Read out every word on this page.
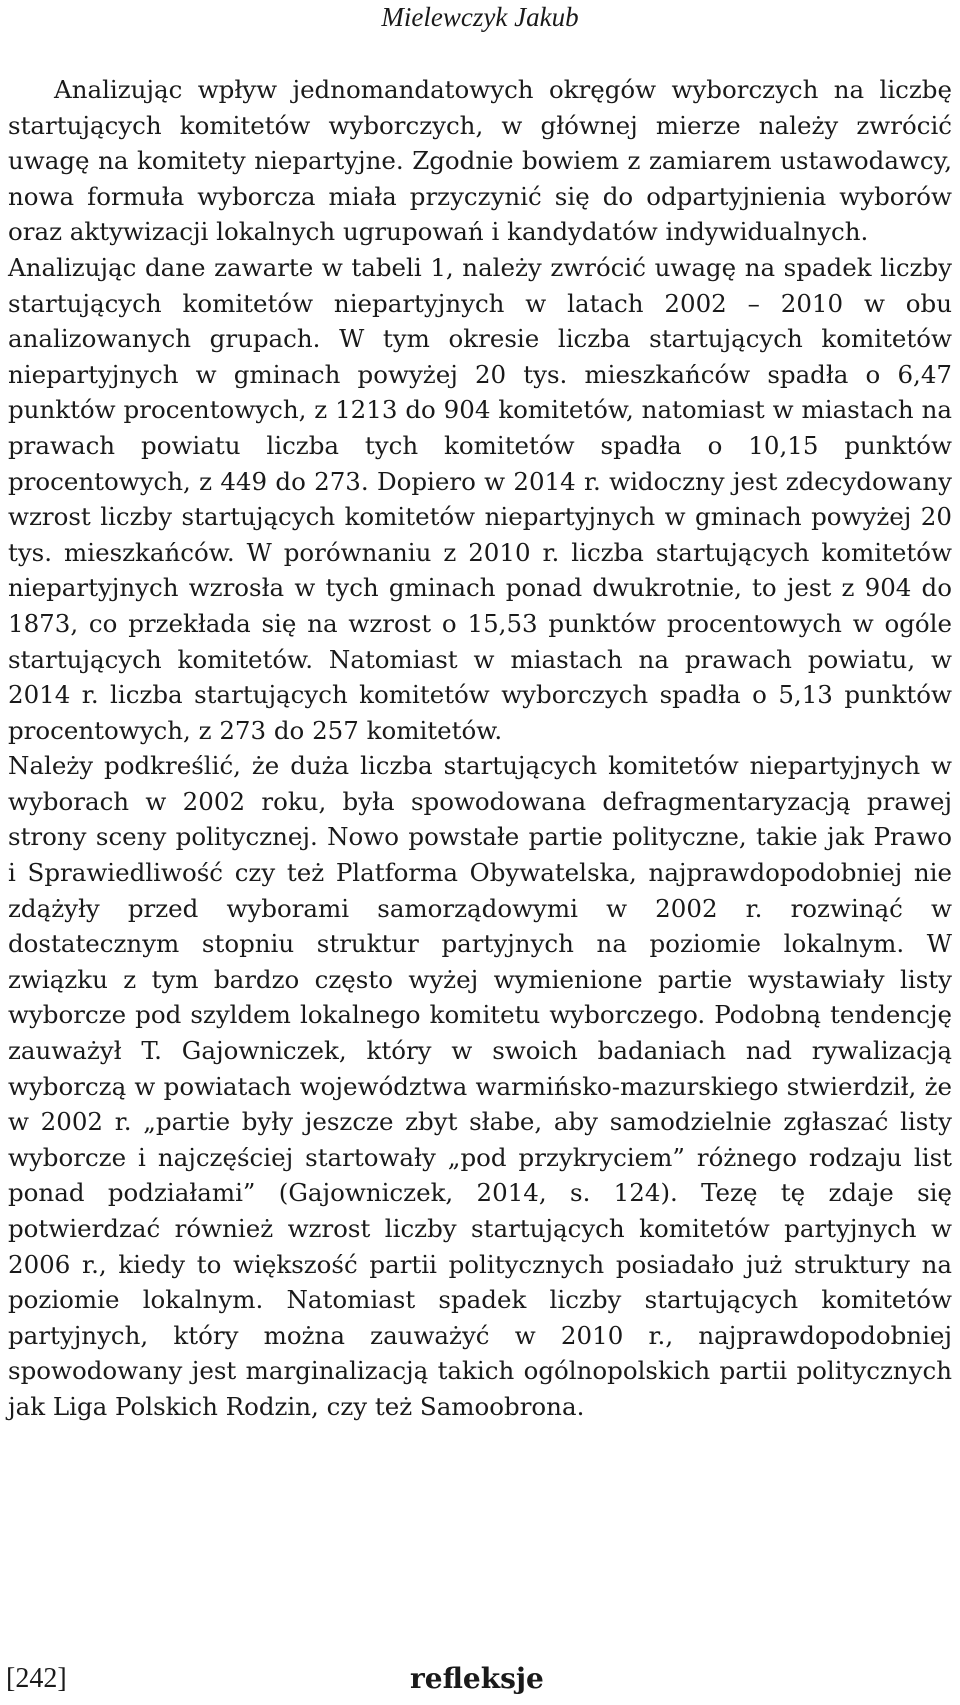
Mielewczyk Jakub

Analizując wpływ jednomandatowych okręgów wyborczych na liczbę startujących komitetów wyborczych, w głównej mierze należy zwrócić uwagę na komitety niepartyjne. Zgodnie bowiem z zamiarem ustawodawcy, nowa formuła wyborcza miała przyczynić się do odpartyjnienia wyborów oraz aktywizacji lokalnych ugrupowań i kandydatów indywidualnych.

Analizując dane zawarte w tabeli 1, należy zwrócić uwagę na spadek liczby startujących komitetów niepartyjnych w latach 2002 – 2010 w obu analizowanych grupach. W tym okresie liczba startujących komitetów niepartyjnych w gminach powyżej 20 tys. mieszkańców spadła o 6,47 punktów procentowych, z 1213 do 904 komitetów, natomiast w miastach na prawach powiatu liczba tych komitetów spadła o 10,15 punktów procentowych, z 449 do 273. Dopiero w 2014 r. widoczny jest zdecydowany wzrost liczby startujących komitetów niepartyjnych w gminach powyżej 20 tys. mieszkańców. W porównaniu z 2010 r. liczba startujących komitetów niepartyjnych wzrosła w tych gminach ponad dwukrotnie, to jest z 904 do 1873, co przekłada się na wzrost o 15,53 punktów procentowych w ogóle startujących komitetów. Natomiast w miastach na prawach powiatu, w 2014 r. liczba startujących komitetów wyborczych spadła o 5,13 punktów procentowych, z 273 do 257 komitetów.

Należy podkreślić, że duża liczba startujących komitetów niepartyjnych w wyborach w 2002 roku, była spowodowana defragmentaryzacją prawej strony sceny politycznej. Nowo powstałe partie polityczne, takie jak Prawo i Sprawiedliwość czy też Platforma Obywatelska, najprawdopodobniej nie zdążyły przed wyborami samorządowymi w 2002 r. rozwinąć w dostatecznym stopniu struktur partyjnych na poziomie lokalnym. W związku z tym bardzo często wyżej wymienione partie wystawiały listy wyborcze pod szyldem lokalnego komitetu wyborczego. Podobną tendencję zauważył T. Gajowniczek, który w swoich badaniach nad rywalizacją wyborczą w powiatach województwa warmińsko-mazurskiego stwierdził, że w 2002 r. „partie były jeszcze zbyt słabe, aby samodzielnie zgłaszać listy wyborcze i najczęściej startowały „pod przykryciem” różnego rodzaju list ponad podziałami” (Gajowniczek, 2014, s. 124). Tezę tę zdaje się potwierdzać również wzrost liczby startujących komitetów partyjnych w 2006 r., kiedy to większość partii politycznych posiadało już struktury na poziomie lokalnym. Natomiast spadek liczby startujących komitetów partyjnych, który można zauważyć w 2010 r., najprawdopodobniej spowodowany jest marginalizacją takich ogólnopolskich partii politycznych jak Liga Polskich Rodzin, czy też Samoobrona.

[242]	refleksje
